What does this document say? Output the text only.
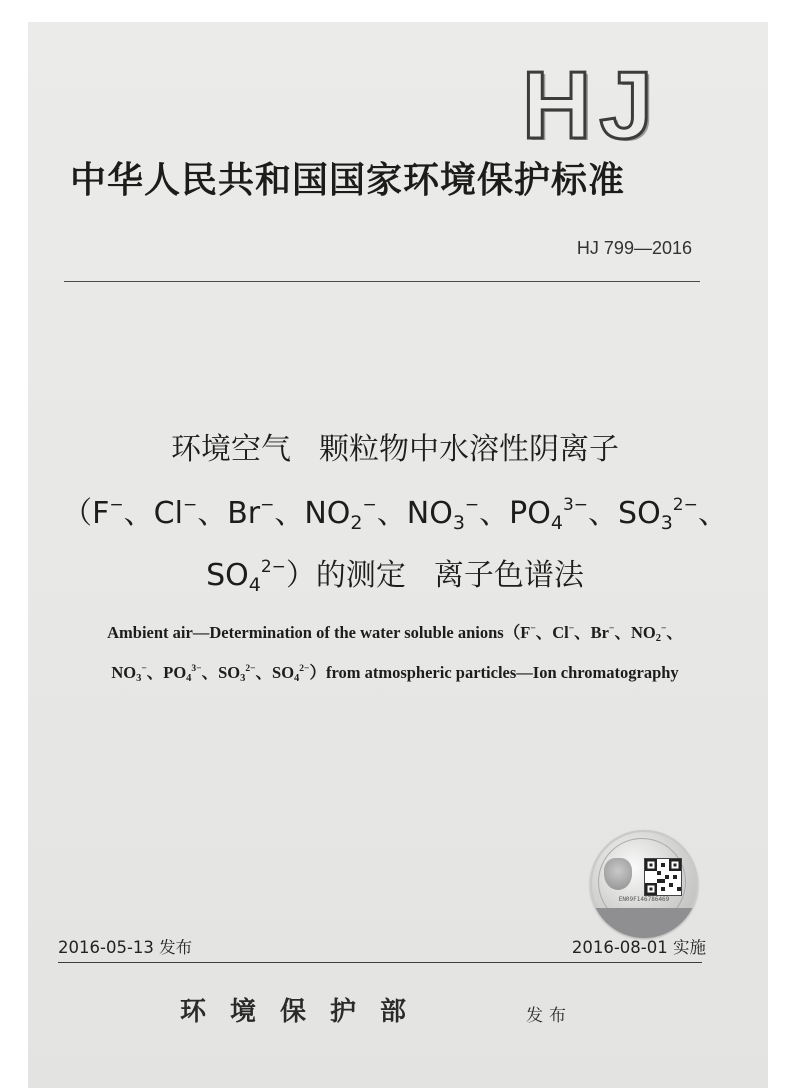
HJ
中华人民共和国国家环境保护标准
HJ 799—2016
环境空气 颗粒物中水溶性阴离子
（F−、Cl−、Br−、$NO_2^-$、$NO_3^-$、$PO_4^{3-}$、$SO_3^{2-}$、
$SO_4^{2-}$）的测定 离子色谱法
Ambient air—Determination of the water soluble anions（F−、Cl−、Br−、$NO_2^-$、
$NO_3^-$、$PO_4^{3-}$、$SO_3^{2-}$、$SO_4^{2-})from$ atmospheric particles—Ion chromatography
EN09F146786469
2016-05-13 发布	2016-08-01 实施
环境保护部	发布
